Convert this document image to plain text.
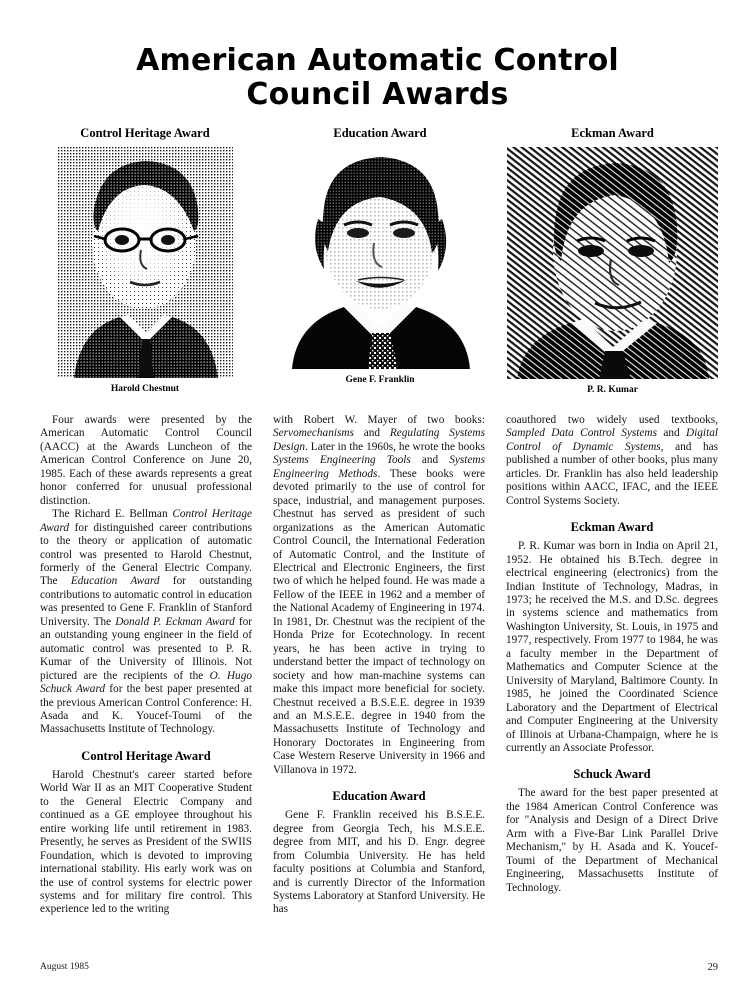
American Automatic Control
Council Awards
Control Heritage Award
Harold Chestnut
Education Award
Gene F. Franklin
Eckman Award
P. R. Kumar

Four awards were presented by the American Automatic Control Council (AACC) at the Awards Luncheon of the American Control Conference on June 20, 1985. Each of these awards represents a great honor conferred for unusual professional distinction.

The Richard E. Bellman Control Heritage Award for distinguished career contributions to the theory or application of automatic control was presented to Harold Chestnut, formerly of the General Electric Company. The Education Award for outstanding contributions to automatic control in education was presented to Gene F. Franklin of Stanford University. The Donald P. Eckman Award for an outstanding young engineer in the field of automatic control was presented to P. R. Kumar of the University of Illinois. Not pictured are the recipients of the O. Hugo Schuck Award for the best paper presented at the previous American Control Conference: H. Asada and K. Youcef-Toumi of the Massachusetts Institute of Technology.

Control Heritage Award

Harold Chestnut's career started before World War II as an MIT Cooperative Student to the General Electric Company and continued as a GE employee throughout his entire working life until retirement in 1983. Presently, he serves as President of the SWIIS Foundation, which is devoted to improving international stability. His early work was on the use of control systems for electric power systems and for military fire control. This experience led to the writing

with Robert W. Mayer of two books: Servomechanisms and Regulating Systems Design. Later in the 1960s, he wrote the books Systems Engineering Tools and Systems Engineering Methods. These books were devoted primarily to the use of control for space, industrial, and management purposes. Chestnut has served as president of such organizations as the American Automatic Control Council, the International Federation of Automatic Control, and the Institute of Electrical and Electronic Engineers, the first two of which he helped found. He was made a Fellow of the IEEE in 1962 and a member of the National Academy of Engineering in 1974. In 1981, Dr. Chestnut was the recipient of the Honda Prize for Ecotechnology. In recent years, he has been active in trying to understand better the impact of technology on society and how man-machine systems can make this impact more beneficial for society. Chestnut received a B.S.E.E. degree in 1939 and an M.S.E.E. degree in 1940 from the Massachusetts Institute of Technology and Honorary Doctorates in Engineering from Case Western Reserve University in 1966 and Villanova in 1972.

Education Award

Gene F. Franklin received his B.S.E.E. degree from Georgia Tech, his M.S.E.E. degree from MIT, and his D. Engr. degree from Columbia University. He has held faculty positions at Columbia and Stanford, and is currently Director of the Information Systems Laboratory at Stanford University. He has

coauthored two widely used textbooks, Sampled Data Control Systems and Digital Control of Dynamic Systems, and has published a number of other books, plus many articles. Dr. Franklin has also held leadership positions within AACC, IFAC, and the IEEE Control Systems Society.

Eckman Award

P. R. Kumar was born in India on April 21, 1952. He obtained his B.Tech. degree in electrical engineering (electronics) from the Indian Institute of Technology, Madras, in 1973; he received the M.S. and D.Sc. degrees in systems science and mathematics from Washington University, St. Louis, in 1975 and 1977, respectively. From 1977 to 1984, he was a faculty member in the Department of Mathematics and Computer Science at the University of Maryland, Baltimore County. In 1985, he joined the Coordinated Science Laboratory and the Department of Electrical and Computer Engineering at the University of Illinois at Urbana-Champaign, where he is currently an Associate Professor.

Schuck Award

The award for the best paper presented at the 1984 American Control Conference was for "Analysis and Design of a Direct Drive Arm with a Five-Bar Link Parallel Drive Mechanism," by H. Asada and K. Youcef-Toumi of the Department of Mechanical Engineering, Massachusetts Institute of Technology.

August 1985	29
